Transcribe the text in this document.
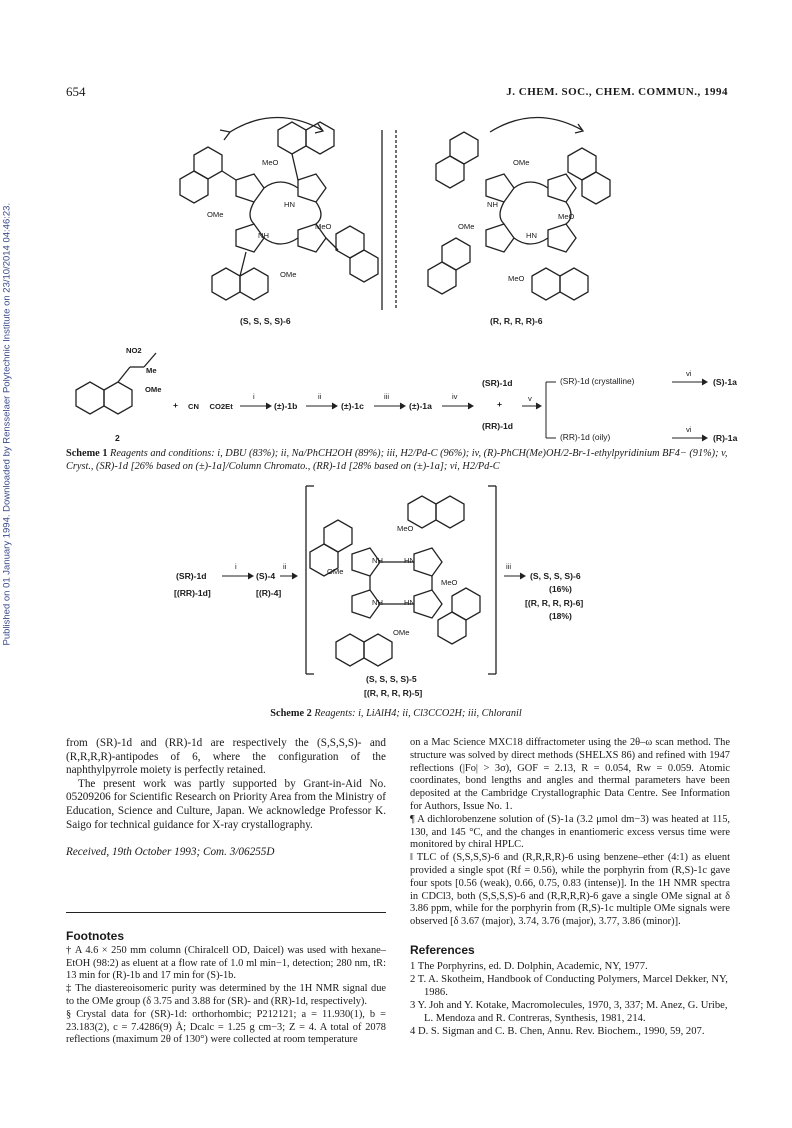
654	J. CHEM. SOC., CHEM. COMMUN., 1994
Published on 01 January 1994. Downloaded by Rensselaer Polytechnic Institute on 23/10/2014 04:46:23.
MeO
OMe
MeO
OMe
NH
HN
OMe
MeO
OMe
MeO
NH
HN
(S, S, S, S)-6	(R, R, R, R)-6
NO2
Me
OMe
2
+ CN     CO2Et
i
(±)-1b
ii
(±)-1c
iii
(±)-1a
iv
(SR)-1d
+
(RR)-1d
v
(SR)-1d (crystalline)
(RR)-1d (oily)
vi
vi
(S)-1a
(R)-1a
Scheme 1 Reagents and conditions: i, DBU (83%); ii, Na/PhCH2OH (89%); iii, H2/Pd-C (96%); iv, (R)-PhCH(Me)OH/2-Br-1-ethylpyridinium BF4− (91%); v, Cryst., (SR)-1d [26% based on (±)-1a]/Column Chromato., (RR)-1d [28% based on (±)-1a]; vi, H2/Pd-C
MeO
OMe
MeO
OMe
NH	HN
NH	HN
(SR)-1d
[(RR)-1d]
i
(S)-4
[(R)-4]
ii	iii
(S, S, S, S)-6
(16%)
[(R, R, R, R)-6]
(18%)
(S, S, S, S)-5
[(R, R, R, R)-5]
Scheme 2 Reagents: i, LiAlH4; ii, Cl3CCO2H; iii, Chloranil

from (SR)-1d and (RR)-1d are respectively the (S,S,S,S)- and (R,R,R,R)-antipodes of 6, where the configuration of the naphthylpyrrole moiety is perfectly retained.

The present work was partly supported by Grant-in-Aid No. 05209206 for Scientific Research on Priority Area from the Ministry of Education, Science and Culture, Japan. We acknowledge Professor K. Saigo for technical guidance for X-ray crystallography.

Received, 19th October 1993; Com. 3/06255D

Footnotes

† A 4.6 × 250 mm column (Chiralcell OD, Daicel) was used with hexane–EtOH (98:2) as eluent at a flow rate of 1.0 ml min−1, detection; 280 nm, tR: 13 min for (R)-1b and 17 min for (S)-1b.

‡ The diastereoisomeric purity was determined by the 1H NMR signal due to the OMe group (δ 3.75 and 3.88 for (SR)- and (RR)-1d, respectively).

§ Crystal data for (SR)-1d: orthorhombic; P212121; a = 11.930(1), b = 23.183(2), c = 7.4286(9) Å; Dcalc = 1.25 g cm−3; Z = 4. A total of 2078 reflections (maximum 2θ of 130°) were collected at room temperature

on a Mac Science MXC18 diffractometer using the 2θ–ω scan method. The structure was solved by direct methods (SHELXS 86) and refined with 1947 reflections (|Fo| > 3σ), GOF = 2.13, R = 0.054, Rw = 0.059. Atomic coordinates, bond lengths and angles and thermal parameters have been deposited at the Cambridge Crystallographic Data Centre. See Information for Authors, Issue No. 1.

¶ A dichlorobenzene solution of (S)-1a (3.2 μmol dm−3) was heated at 115, 130, and 145 °C, and the changes in enantiomeric excess versus time were monitored by chiral HPLC.

‖ TLC of (S,S,S,S)-6 and (R,R,R,R)-6 using benzene–ether (4:1) as eluent provided a single spot (Rf = 0.56), while the porphyrin from (R,S)-1c gave four spots [0.56 (weak), 0.66, 0.75, 0.83 (intense)]. In the 1H NMR spectra in CDCl3, both (S,S,S,S)-6 and (R,R,R,R)-6 gave a single OMe signal at δ 3.86 ppm, while for the porphyrin from (R,S)-1c multiple OMe signals were observed [δ 3.67 (major), 3.74, 3.76 (major), 3.77, 3.86 (minor)].

References

1 The Porphyrins, ed. D. Dolphin, Academic, NY, 1977.

2 T. A. Skotheim, Handbook of Conducting Polymers, Marcel Dekker, NY, 1986.

3 Y. Joh and Y. Kotake, Macromolecules, 1970, 3, 337; M. Anez, G. Uribe, L. Mendoza and R. Contreras, Synthesis, 1981, 214.

4 D. S. Sigman and C. B. Chen, Annu. Rev. Biochem., 1990, 59, 207.
